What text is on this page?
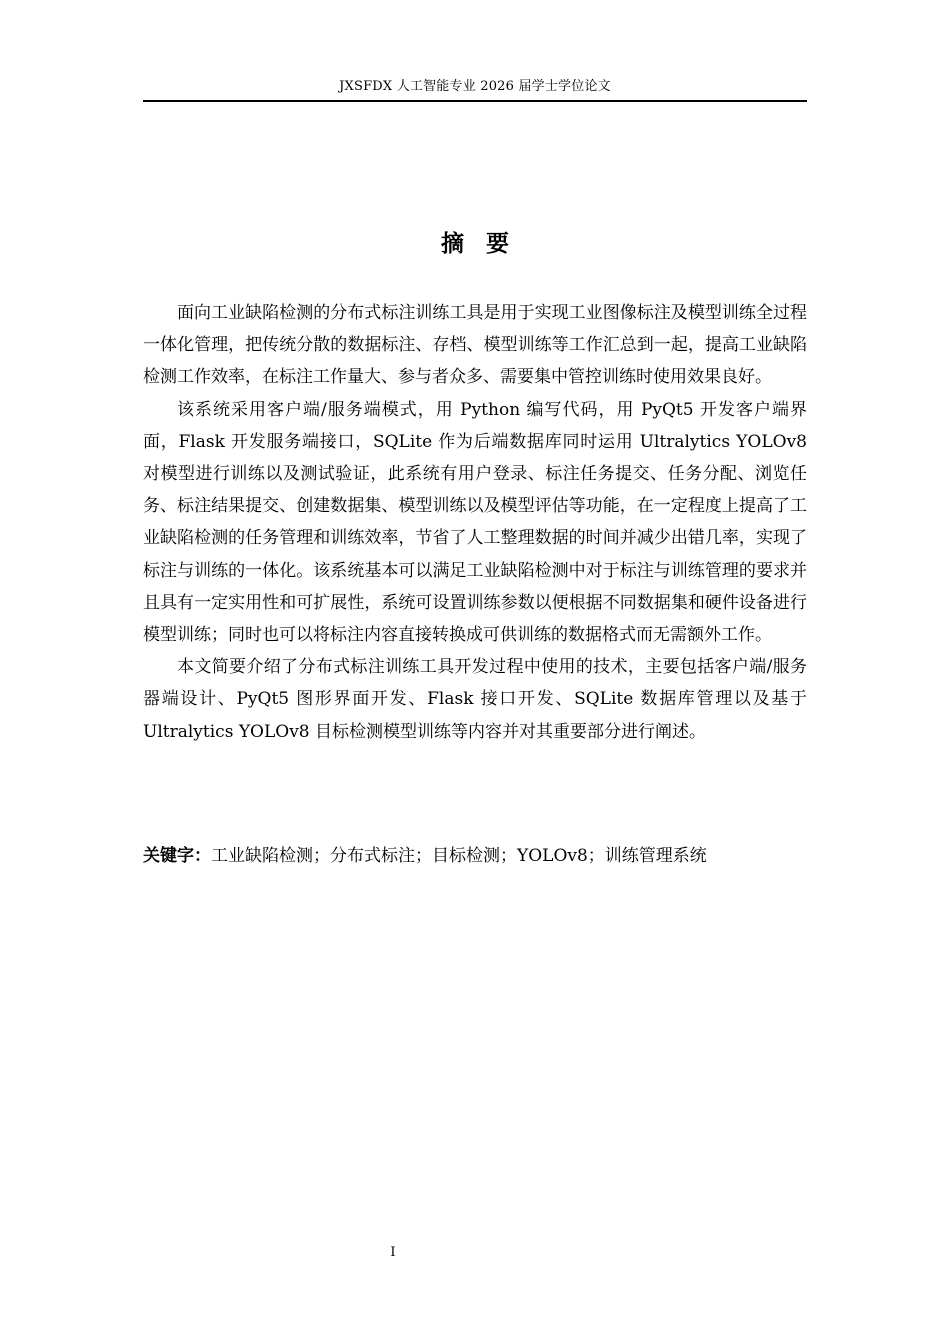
JXSFDX 人工智能专业 2026 届学士学位论文
摘 要

面向工业缺陷检测的分布式标注训练工具是用于实现工业图像标注及模型训练全过程一体化管理，把传统分散的数据标注、存档、模型训练等工作汇总到一起，提高工业缺陷检测工作效率，在标注工作量大、参与者众多、需要集中管控训练时使用效果良好。

该系统采用客户端/服务端模式，用 Python 编写代码，用 PyQt5 开发客户端界面，Flask 开发服务端接口，SQLite 作为后端数据库同时运用 Ultralytics YOLOv8 对模型进行训练以及测试验证，此系统有用户登录、标注任务提交、任务分配、浏览任务、标注结果提交、创建数据集、模型训练以及模型评估等功能，在一定程度上提高了工业缺陷检测的任务管理和训练效率，节省了人工整理数据的时间并减少出错几率，实现了标注与训练的一体化。该系统基本可以满足工业缺陷检测中对于标注与训练管理的要求并且具有一定实用性和可扩展性，系统可设置训练参数以便根据不同数据集和硬件设备进行模型训练；同时也可以将标注内容直接转换成可供训练的数据格式而无需额外工作。

本文简要介绍了分布式标注训练工具开发过程中使用的技术，主要包括客户端/服务器端设计、PyQt5 图形界面开发、Flask 接口开发、SQLite 数据库管理以及基于 Ultralytics YOLOv8 目标检测模型训练等内容并对其重要部分进行阐述。

关键字：工业缺陷检测；分布式标注；目标检测；YOLOv8；训练管理系统
I
